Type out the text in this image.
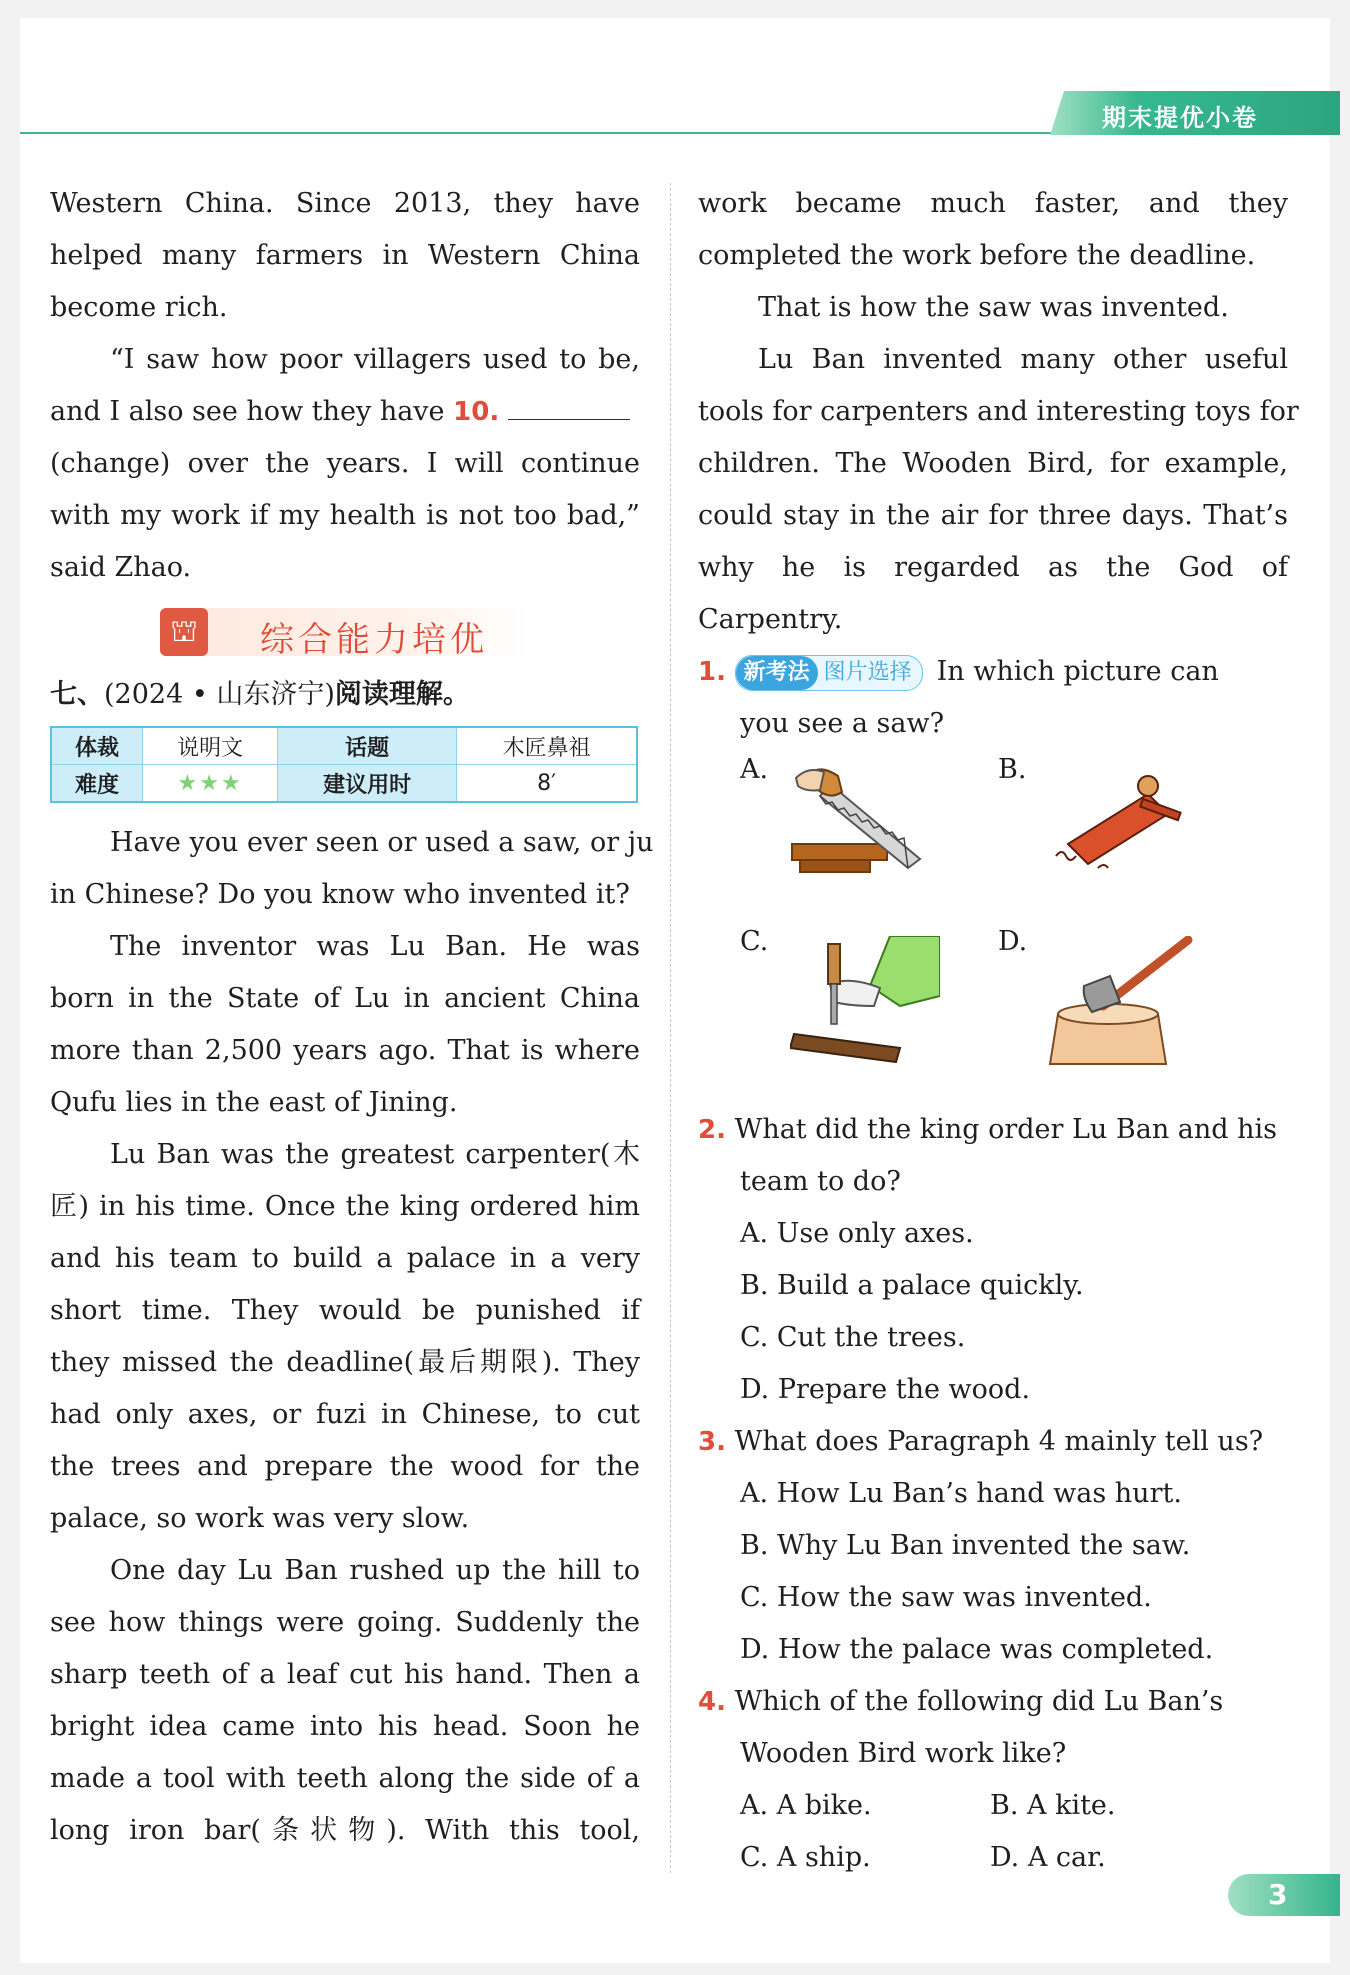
期末提优小卷

Western China. Since 2013, they have

helped many farmers in Western China

become rich.

“I saw how poor villagers used to be,

and I also see how they have 10.

(change) over the years. I will continue

with my work if my health is not too bad,”

said Zhao.

⛫	综合能力培优
七、(2024 • 山东济宁)阅读理解。
体裁	说明文	话题	木匠鼻祖
难度	★★★	建议用时	8′

Have you ever seen or used a saw, or ju

in Chinese? Do you know who invented it?

The inventor was Lu Ban. He was

born in the State of Lu in ancient China

more than 2,500 years ago. That is where

Qufu lies in the east of Jining.

Lu Ban was the greatest carpenter(木

匠) in his time. Once the king ordered him

and his team to build a palace in a very

short time. They would be punished if

they missed the deadline(最后期限). They

had only axes, or fuzi in Chinese, to cut

the trees and prepare the wood for the

palace, so work was very slow.

One day Lu Ban rushed up the hill to

see how things were going. Suddenly the

sharp teeth of a leaf cut his hand. Then a

bright idea came into his head. Soon he

made a tool with teeth along the side of a

long iron bar(条状物). With this tool,

work became much faster, and they

completed the work before the deadline.

That is how the saw was invented.

Lu Ban invented many other useful

tools for carpenters and interesting toys for

children. The Wooden Bird, for example,

could stay in the air for three days. That’s

why he is regarded as the God of

Carpentry.

1. 新考法 图片选择 In which picture can

you see a saw?

A.	B.
C.	D.

2. What did the king order Lu Ban and his

team to do?

A. Use only axes.

B. Build a palace quickly.

C. Cut the trees.

D. Prepare the wood.

3. What does Paragraph 4 mainly tell us?

A. How Lu Ban’s hand was hurt.

B. Why Lu Ban invented the saw.

C. How the saw was invented.

D. How the palace was completed.

4. Which of the following did Lu Ban’s

Wooden Bird work like?

A. A bike.	B. A kite.

C. A ship.	D. A car.

3
